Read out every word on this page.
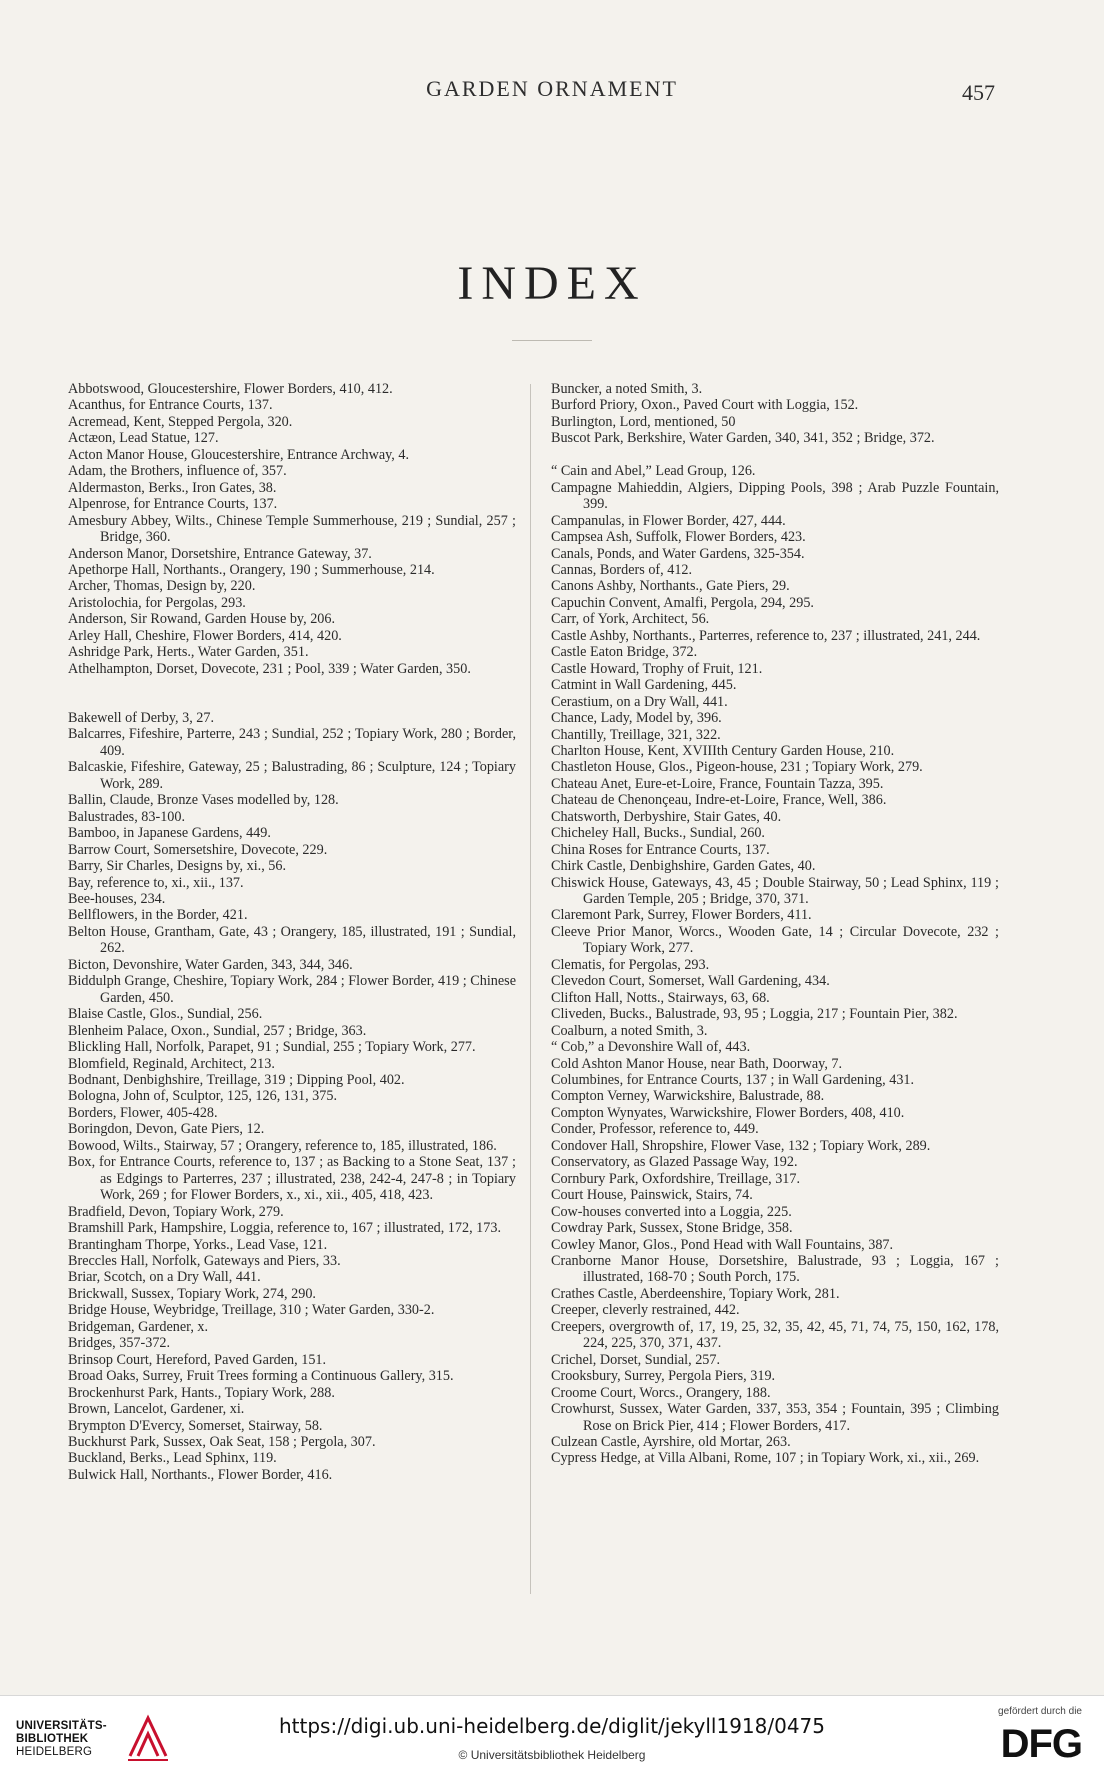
GARDEN ORNAMENT	457
INDEX

Abbotswood, Gloucestershire, Flower Borders, 410, 412.

Acanthus, for Entrance Courts, 137.

Acremead, Kent, Stepped Pergola, 320.

Actæon, Lead Statue, 127.

Acton Manor House, Gloucestershire, Entrance Archway, 4.

Adam, the Brothers, influence of, 357.

Aldermaston, Berks., Iron Gates, 38.

Alpenrose, for Entrance Courts, 137.

Amesbury Abbey, Wilts., Chinese Temple Summerhouse, 219 ; Sundial, 257 ; Bridge, 360.

Anderson Manor, Dorsetshire, Entrance Gateway, 37.

Apethorpe Hall, Northants., Orangery, 190 ; Summerhouse, 214.

Archer, Thomas, Design by, 220.

Aristolochia, for Pergolas, 293.

Anderson, Sir Rowand, Garden House by, 206.

Arley Hall, Cheshire, Flower Borders, 414, 420.

Ashridge Park, Herts., Water Garden, 351.

Athelhampton, Dorset, Dovecote, 231 ; Pool, 339 ; Water Garden, 350.

Bakewell of Derby, 3, 27.

Balcarres, Fifeshire, Parterre, 243 ; Sundial, 252 ; Topiary Work, 280 ; Border, 409.

Balcaskie, Fifeshire, Gateway, 25 ; Balustrading, 86 ; Sculpture, 124 ; Topiary Work, 289.

Ballin, Claude, Bronze Vases modelled by, 128.

Balustrades, 83-100.

Bamboo, in Japanese Gardens, 449.

Barrow Court, Somersetshire, Dovecote, 229.

Barry, Sir Charles, Designs by, xi., 56.

Bay, reference to, xi., xii., 137.

Bee-houses, 234.

Bellflowers, in the Border, 421.

Belton House, Grantham, Gate, 43 ; Orangery, 185, illustrated, 191 ; Sundial, 262.

Bicton, Devonshire, Water Garden, 343, 344, 346.

Biddulph Grange, Cheshire, Topiary Work, 284 ; Flower Border, 419 ; Chinese Garden, 450.

Blaise Castle, Glos., Sundial, 256.

Blenheim Palace, Oxon., Sundial, 257 ; Bridge, 363.

Blickling Hall, Norfolk, Parapet, 91 ; Sundial, 255 ; Topiary Work, 277.

Blomfield, Reginald, Architect, 213.

Bodnant, Denbighshire, Treillage, 319 ; Dipping Pool, 402.

Bologna, John of, Sculptor, 125, 126, 131, 375.

Borders, Flower, 405-428.

Boringdon, Devon, Gate Piers, 12.

Bowood, Wilts., Stairway, 57 ; Orangery, reference to, 185, illustrated, 186.

Box, for Entrance Courts, reference to, 137 ; as Backing to a Stone Seat, 137 ; as Edgings to Parterres, 237 ; illustrated, 238, 242-4, 247-8 ; in Topiary Work, 269 ; for Flower Borders, x., xi., xii., 405, 418, 423.

Bradfield, Devon, Topiary Work, 279.

Bramshill Park, Hampshire, Loggia, reference to, 167 ; illustrated, 172, 173.

Brantingham Thorpe, Yorks., Lead Vase, 121.

Breccles Hall, Norfolk, Gateways and Piers, 33.

Briar, Scotch, on a Dry Wall, 441.

Brickwall, Sussex, Topiary Work, 274, 290.

Bridge House, Weybridge, Treillage, 310 ; Water Garden, 330-2.

Bridgeman, Gardener, x.

Bridges, 357-372.

Brinsop Court, Hereford, Paved Garden, 151.

Broad Oaks, Surrey, Fruit Trees forming a Continuous Gallery, 315.

Brockenhurst Park, Hants., Topiary Work, 288.

Brown, Lancelot, Gardener, xi.

Brympton D'Evercy, Somerset, Stairway, 58.

Buckhurst Park, Sussex, Oak Seat, 158 ; Pergola, 307.

Buckland, Berks., Lead Sphinx, 119.

Bulwick Hall, Northants., Flower Border, 416.

Buncker, a noted Smith, 3.

Burford Priory, Oxon., Paved Court with Loggia, 152.

Burlington, Lord, mentioned, 50

Buscot Park, Berkshire, Water Garden, 340, 341, 352 ; Bridge, 372.

“ Cain and Abel,” Lead Group, 126.

Campagne Mahieddin, Algiers, Dipping Pools, 398 ; Arab Puzzle Fountain, 399.

Campanulas, in Flower Border, 427, 444.

Campsea Ash, Suffolk, Flower Borders, 423.

Canals, Ponds, and Water Gardens, 325-354.

Cannas, Borders of, 412.

Canons Ashby, Northants., Gate Piers, 29.

Capuchin Convent, Amalfi, Pergola, 294, 295.

Carr, of York, Architect, 56.

Castle Ashby, Northants., Parterres, reference to, 237 ; illustrated, 241, 244.

Castle Eaton Bridge, 372.

Castle Howard, Trophy of Fruit, 121.

Catmint in Wall Gardening, 445.

Cerastium, on a Dry Wall, 441.

Chance, Lady, Model by, 396.

Chantilly, Treillage, 321, 322.

Charlton House, Kent, XVIIIth Century Garden House, 210.

Chastleton House, Glos., Pigeon-house, 231 ; Topiary Work, 279.

Chateau Anet, Eure-et-Loire, France, Fountain Tazza, 395.

Chateau de Chenonçeau, Indre-et-Loire, France, Well, 386.

Chatsworth, Derbyshire, Stair Gates, 40.

Chicheley Hall, Bucks., Sundial, 260.

China Roses for Entrance Courts, 137.

Chirk Castle, Denbighshire, Garden Gates, 40.

Chiswick House, Gateways, 43, 45 ; Double Stairway, 50 ; Lead Sphinx, 119 ; Garden Temple, 205 ; Bridge, 370, 371.

Claremont Park, Surrey, Flower Borders, 411.

Cleeve Prior Manor, Worcs., Wooden Gate, 14 ; Circular Dovecote, 232 ; Topiary Work, 277.

Clematis, for Pergolas, 293.

Clevedon Court, Somerset, Wall Gardening, 434.

Clifton Hall, Notts., Stairways, 63, 68.

Cliveden, Bucks., Balustrade, 93, 95 ; Loggia, 217 ; Fountain Pier, 382.

Coalburn, a noted Smith, 3.

“ Cob,” a Devonshire Wall of, 443.

Cold Ashton Manor House, near Bath, Doorway, 7.

Columbines, for Entrance Courts, 137 ; in Wall Gardening, 431.

Compton Verney, Warwickshire, Balustrade, 88.

Compton Wynyates, Warwickshire, Flower Borders, 408, 410.

Conder, Professor, reference to, 449.

Condover Hall, Shropshire, Flower Vase, 132 ; Topiary Work, 289.

Conservatory, as Glazed Passage Way, 192.

Cornbury Park, Oxfordshire, Treillage, 317.

Court House, Painswick, Stairs, 74.

Cow-houses converted into a Loggia, 225.

Cowdray Park, Sussex, Stone Bridge, 358.

Cowley Manor, Glos., Pond Head with Wall Fountains, 387.

Cranborne Manor House, Dorsetshire, Balustrade, 93 ; Loggia, 167 ; illustrated, 168-70 ; South Porch, 175.

Crathes Castle, Aberdeenshire, Topiary Work, 281.

Creeper, cleverly restrained, 442.

Creepers, overgrowth of, 17, 19, 25, 32, 35, 42, 45, 71, 74, 75, 150, 162, 178, 224, 225, 370, 371, 437.

Crichel, Dorset, Sundial, 257.

Crooksbury, Surrey, Pergola Piers, 319.

Croome Court, Worcs., Orangery, 188.

Crowhurst, Sussex, Water Garden, 337, 353, 354 ; Fountain, 395 ; Climbing Rose on Brick Pier, 414 ; Flower Borders, 417.

Culzean Castle, Ayrshire, old Mortar, 263.

Cypress Hedge, at Villa Albani, Rome, 107 ; in Topiary Work, xi., xii., 269.

UNIVERSITÄTS-
BIBLIOTHEK
HEIDELBERG
https://digi.ub.uni-heidelberg.de/diglit/jekyll1918/0475
© Universitätsbibliothek Heidelberg
gefördert durch die
DFG
